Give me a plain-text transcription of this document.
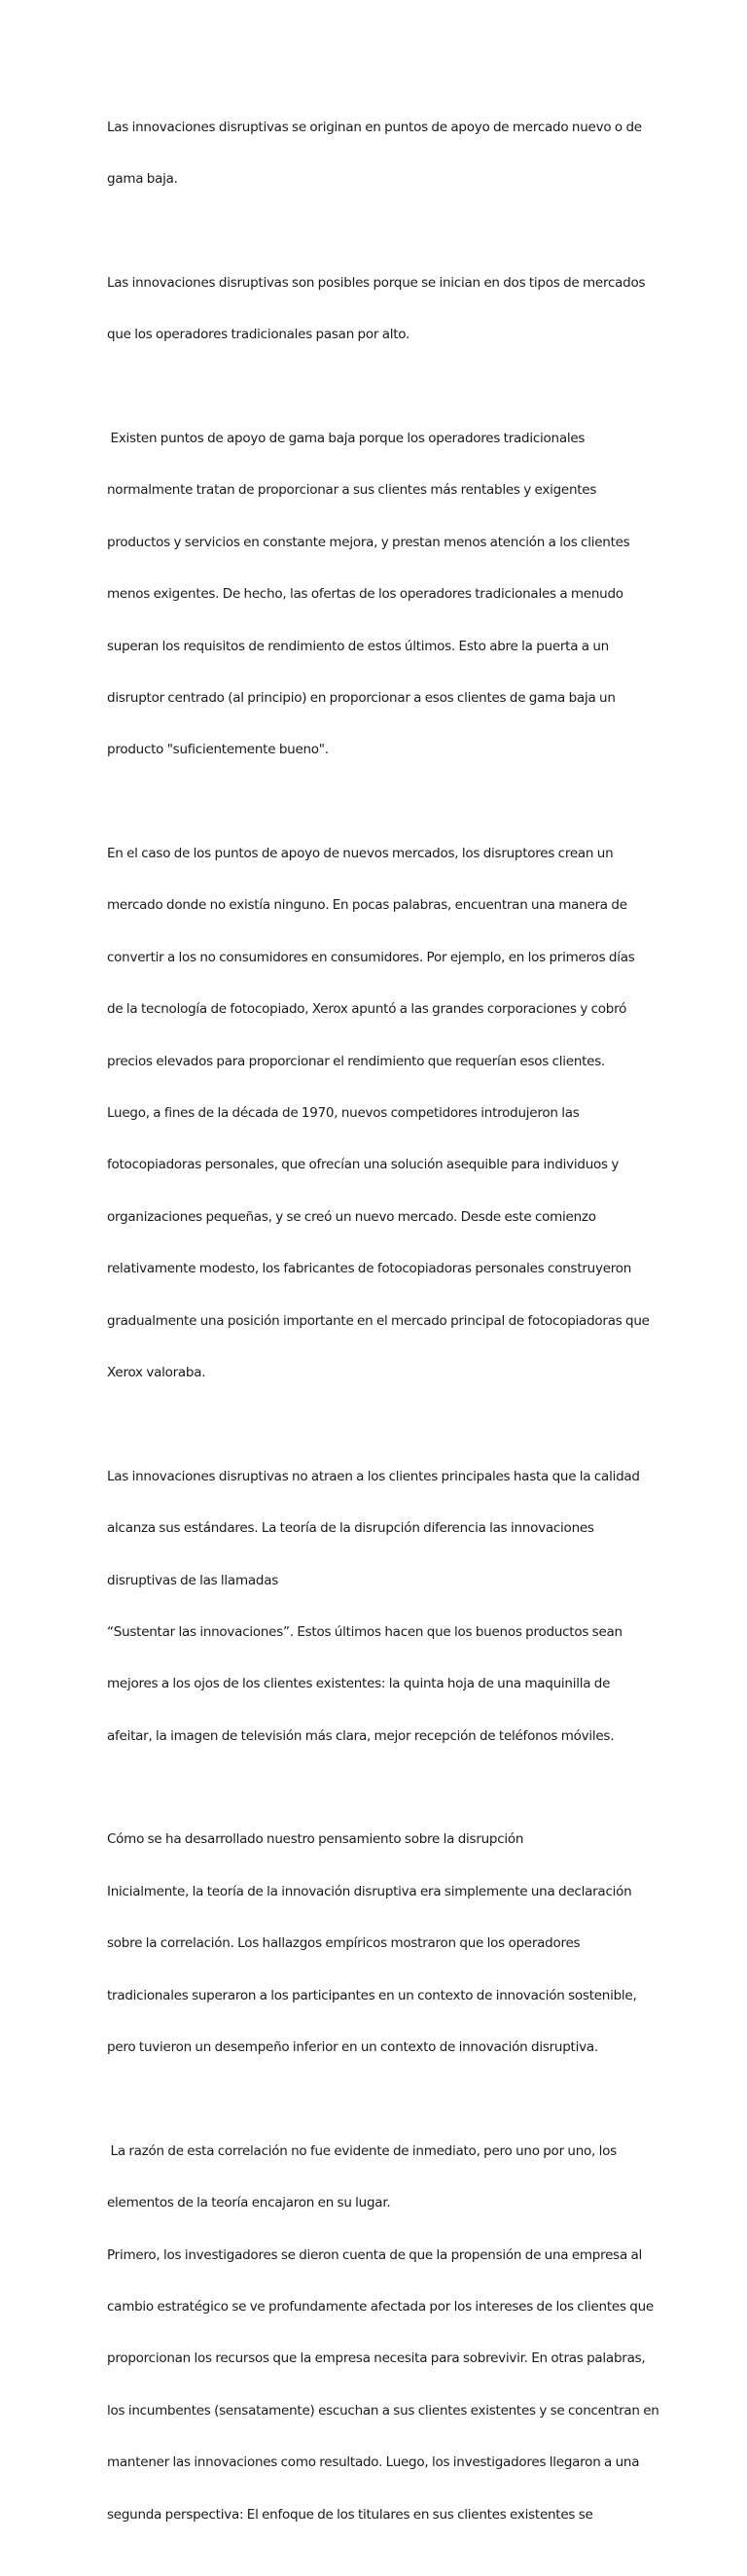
Las innovaciones disruptivas se originan en puntos de apoyo de mercado nuevo o de

gama baja.

Las innovaciones disruptivas son posibles porque se inician en dos tipos de mercados

que los operadores tradicionales pasan por alto.

Existen puntos de apoyo de gama baja porque los operadores tradicionales

normalmente tratan de proporcionar a sus clientes más rentables y exigentes

productos y servicios en constante mejora, y prestan menos atención a los clientes

menos exigentes. De hecho, las ofertas de los operadores tradicionales a menudo

superan los requisitos de rendimiento de estos últimos. Esto abre la puerta a un

disruptor centrado (al principio) en proporcionar a esos clientes de gama baja un

producto "suficientemente bueno".

En el caso de los puntos de apoyo de nuevos mercados, los disruptores crean un

mercado donde no existía ninguno. En pocas palabras, encuentran una manera de

convertir a los no consumidores en consumidores. Por ejemplo, en los primeros días

de la tecnología de fotocopiado, Xerox apuntó a las grandes corporaciones y cobró

precios elevados para proporcionar el rendimiento que requerían esos clientes.

Luego, a fines de la década de 1970, nuevos competidores introdujeron las

fotocopiadoras personales, que ofrecían una solución asequible para individuos y

organizaciones pequeñas, y se creó un nuevo mercado. Desde este comienzo

relativamente modesto, los fabricantes de fotocopiadoras personales construyeron

gradualmente una posición importante en el mercado principal de fotocopiadoras que

Xerox valoraba.

Las innovaciones disruptivas no atraen a los clientes principales hasta que la calidad

alcanza sus estándares. La teoría de la disrupción diferencia las innovaciones

disruptivas de las llamadas

“Sustentar las innovaciones”. Estos últimos hacen que los buenos productos sean

mejores a los ojos de los clientes existentes: la quinta hoja de una maquinilla de

afeitar, la imagen de televisión más clara, mejor recepción de teléfonos móviles.

Cómo se ha desarrollado nuestro pensamiento sobre la disrupción

Inicialmente, la teoría de la innovación disruptiva era simplemente una declaración

sobre la correlación. Los hallazgos empíricos mostraron que los operadores

tradicionales superaron a los participantes en un contexto de innovación sostenible,

pero tuvieron un desempeño inferior en un contexto de innovación disruptiva.

La razón de esta correlación no fue evidente de inmediato, pero uno por uno, los

elementos de la teoría encajaron en su lugar.

Primero, los investigadores se dieron cuenta de que la propensión de una empresa al

cambio estratégico se ve profundamente afectada por los intereses de los clientes que

proporcionan los recursos que la empresa necesita para sobrevivir. En otras palabras,

los incumbentes (sensatamente) escuchan a sus clientes existentes y se concentran en

mantener las innovaciones como resultado. Luego, los investigadores llegaron a una

segunda perspectiva: El enfoque de los titulares en sus clientes existentes se
